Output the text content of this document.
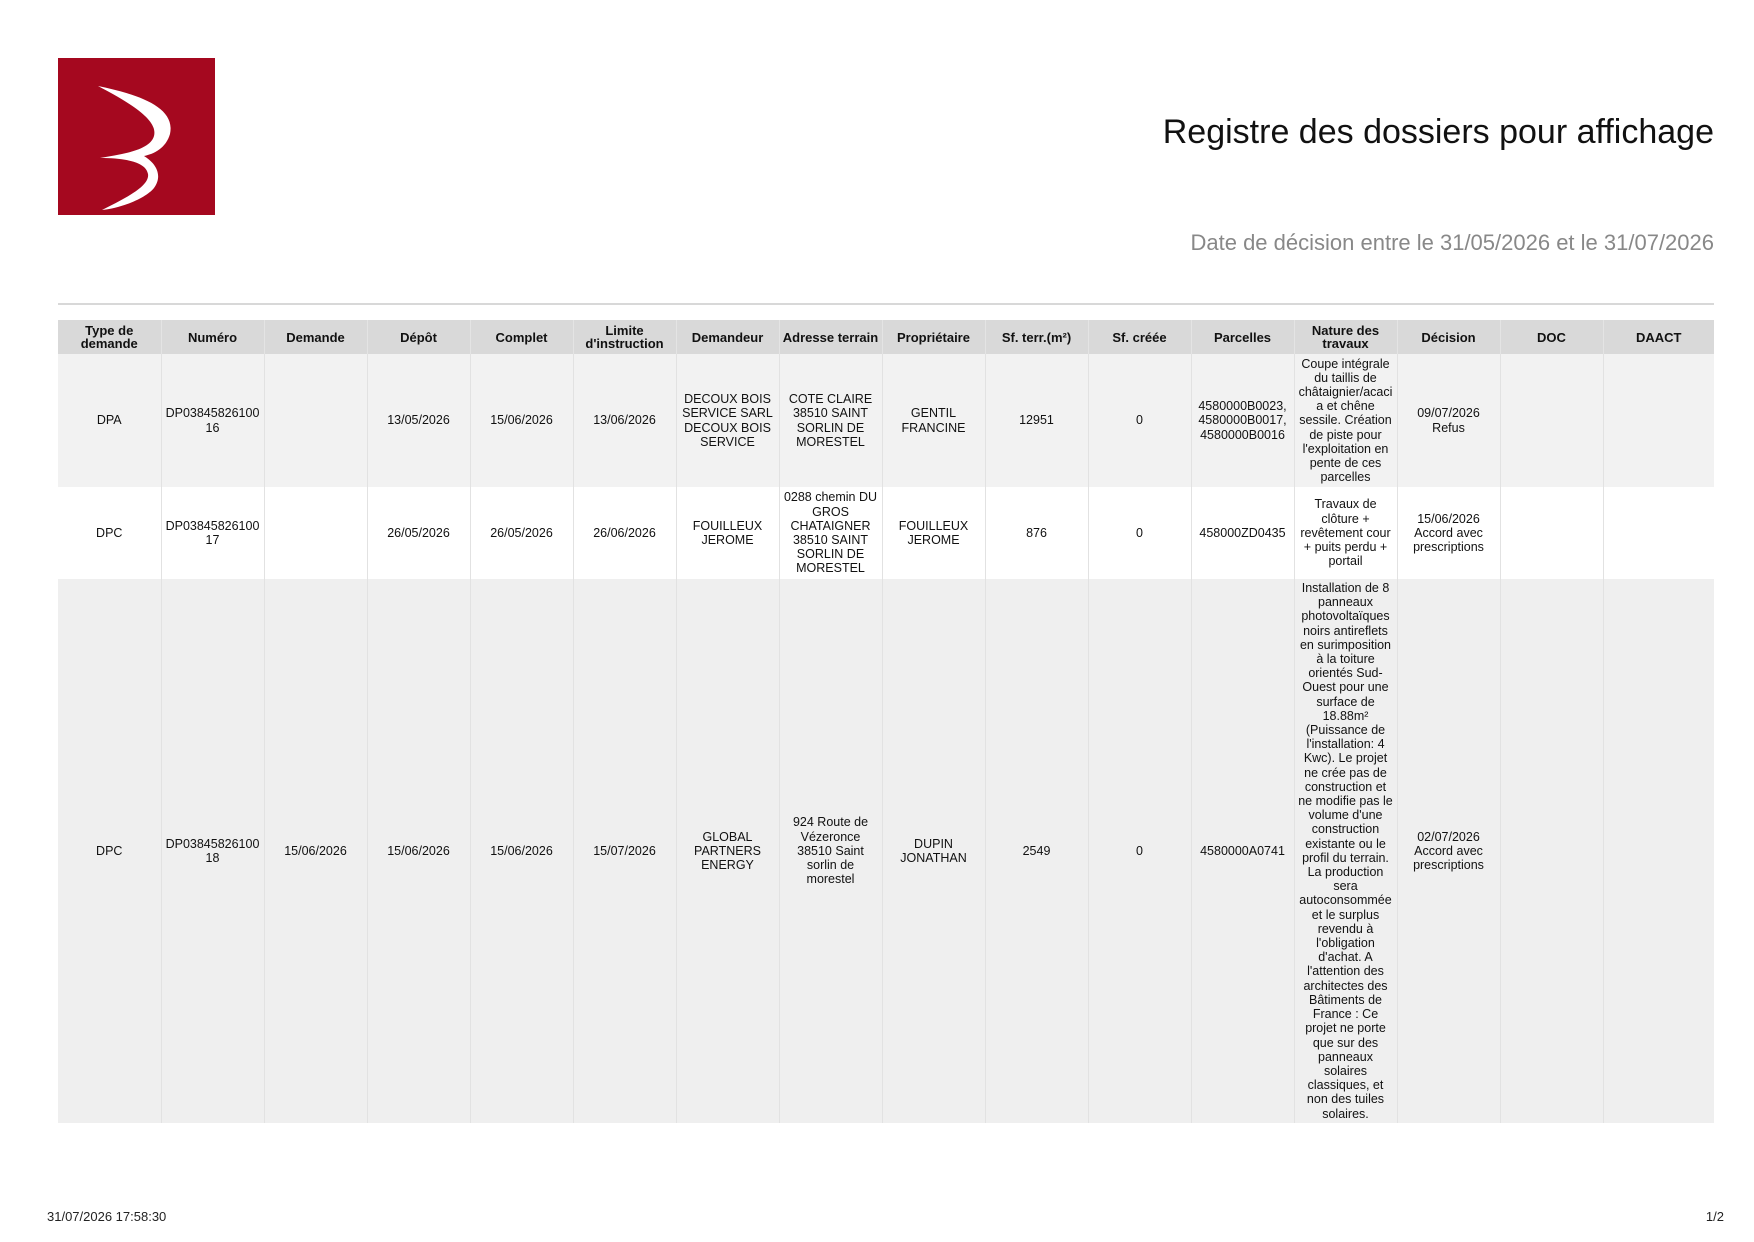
Registre des dossiers pour affichage
Date de décision entre le 31/05/2026 et le 31/07/2026
Type de demande	Numéro	Demande	Dépôt	Complet	Limite d'instruction	Demandeur	Adresse terrain	Propriétaire	Sf. terr.(m²)	Sf. créée	Parcelles	Nature des travaux	Décision	DOC	DAACT
DPA	DP0384582610016		13/05/2026	15/06/2026	13/06/2026	DECOUX BOIS SERVICE SARL DECOUX BOIS SERVICE	COTE CLAIRE 38510 SAINT SORLIN DE MORESTEL	GENTIL FRANCINE	12951	0	4580000B0023, 4580000B0017, 4580000B0016	Coupe intégrale du taillis de châtaignier/acacia et chêne sessile. Création de piste pour l'exploitation en pente de ces parcelles	09/07/2026 Refus		
DPC	DP0384582610017		26/05/2026	26/05/2026	26/06/2026	FOUILLEUX JEROME	0288 chemin DU GROS CHATAIGNER 38510 SAINT SORLIN DE MORESTEL	FOUILLEUX JEROME	876	0	458000ZD0435	Travaux de clôture + revêtement cour + puits perdu + portail	15/06/2026 Accord avec prescriptions		
DPC	DP0384582610018	15/06/2026	15/06/2026	15/06/2026	15/07/2026	GLOBAL PARTNERS ENERGY	924 Route de Vézeronce 38510 Saint sorlin de morestel	DUPIN JONATHAN	2549	0	4580000A0741	Installation de 8 panneaux photovoltaïques noirs antireflets en surimposition à la toiture orientés Sud-Ouest pour une surface de 18.88m² (Puissance de l'installation: 4 Kwc). Le projet ne crée pas de construction et ne modifie pas le volume d'une construction existante ou le profil du terrain. La production sera autoconsommée et le surplus revendu à l'obligation d'achat. A l'attention des architectes des Bâtiments de France : Ce projet ne porte que sur des panneaux solaires classiques, et non des tuiles solaires.	02/07/2026 Accord avec prescriptions		
31/07/2026 17:58:30	1/2
